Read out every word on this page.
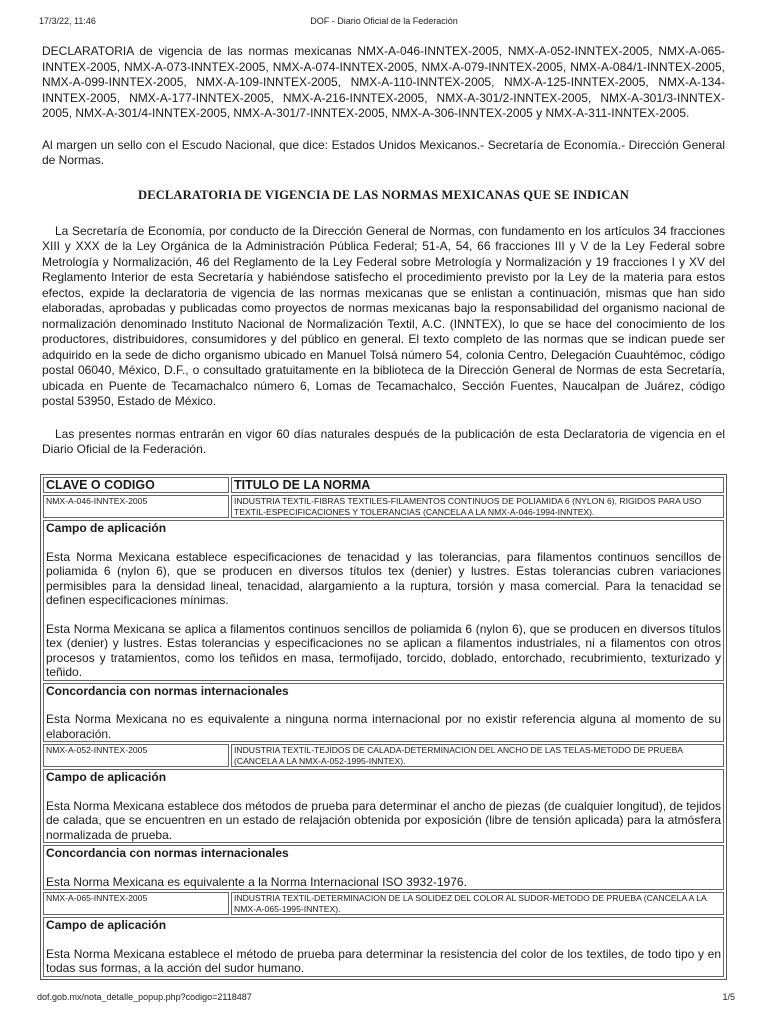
17/3/22, 11:46	DOF - Diario Oficial de la Federación

DECLARATORIA de vigencia de las normas mexicanas NMX-A-046-INNTEX-2005, NMX-A-052-INNTEX-2005, NMX-A-065-INNTEX-2005, NMX-A-073-INNTEX-2005, NMX-A-074-INNTEX-2005, NMX-A-079-INNTEX-2005, NMX-A-084/1-INNTEX-2005, NMX-A-099-INNTEX-2005, NMX-A-109-INNTEX-2005, NMX-A-110-INNTEX-2005, NMX-A-125-INNTEX-2005, NMX-A-134-INNTEX-2005, NMX-A-177-INNTEX-2005, NMX-A-216-INNTEX-2005, NMX-A-301/2-INNTEX-2005, NMX-A-301/3-INNTEX-2005, NMX-A-301/4-INNTEX-2005, NMX-A-301/7-INNTEX-2005, NMX-A-306-INNTEX-2005 y NMX-A-311-INNTEX-2005.

Al margen un sello con el Escudo Nacional, que dice: Estados Unidos Mexicanos.- Secretaría de Economía.- Dirección General de Normas.

DECLARATORIA DE VIGENCIA DE LAS NORMAS MEXICANAS QUE SE INDICAN

La Secretaría de Economía, por conducto de la Dirección General de Normas, con fundamento en los artículos 34 fracciones XIII y XXX de la Ley Orgánica de la Administración Pública Federal; 51-A, 54, 66 fracciones III y V de la Ley Federal sobre Metrología y Normalización, 46 del Reglamento de la Ley Federal sobre Metrología y Normalización y 19 fracciones I y XV del Reglamento Interior de esta Secretaría y habiéndose satisfecho el procedimiento previsto por la Ley de la materia para estos efectos, expide la declaratoria de vigencia de las normas mexicanas que se enlistan a continuación, mismas que han sido elaboradas, aprobadas y publicadas como proyectos de normas mexicanas bajo la responsabilidad del organismo nacional de normalización denominado Instituto Nacional de Normalización Textil, A.C. (INNTEX), lo que se hace del conocimiento de los productores, distribuidores, consumidores y del público en general. El texto completo de las normas que se indican puede ser adquirido en la sede de dicho organismo ubicado en Manuel Tolsá número 54, colonia Centro, Delegación Cuauhtémoc, código postal 06040, México, D.F., o consultado gratuitamente en la biblioteca de la Dirección General de Normas de esta Secretaría, ubicada en Puente de Tecamachalco número 6, Lomas de Tecamachalco, Sección Fuentes, Naucalpan de Juárez, código postal 53950, Estado de México.

Las presentes normas entrarán en vigor 60 días naturales después de la publicación de esta Declaratoria de vigencia en el Diario Oficial de la Federación.

CLAVE O CODIGO	TITULO DE LA NORMA
NMX-A-046-INNTEX-2005	INDUSTRIA TEXTIL-FIBRAS TEXTILES-FILAMENTOS CONTINUOS DE POLIAMIDA 6 (NYLON 6), RIGIDOS PARA USO TEXTIL-ESPECIFICACIONES Y TOLERANCIAS (CANCELA A LA NMX-A-046-1994-INNTEX).

Campo de aplicación

Esta Norma Mexicana establece especificaciones de tenacidad y las tolerancias, para filamentos continuos sencillos de poliamida 6 (nylon 6), que se producen en diversos títulos tex (denier) y lustres. Estas tolerancias cubren variaciones permisibles para la densidad lineal, tenacidad, alargamiento a la ruptura, torsión y masa comercial. Para la tenacidad se definen especificaciones mínimas.

Esta Norma Mexicana se aplica a filamentos continuos sencillos de poliamida 6 (nylon 6), que se producen en diversos títulos tex (denier) y lustres. Estas tolerancias y especificaciones no se aplican a filamentos industriales, ni a filamentos con otros procesos y tratamientos, como los teñidos en masa, termofijado, torcido, doblado, entorchado, recubrimiento, texturizado y teñido.	

Concordancia con normas internacionales

Esta Norma Mexicana no es equivalente a ninguna norma internacional por no existir referencia alguna al momento de su elaboración.	

NMX-A-052-INNTEX-2005	INDUSTRIA TEXTIL-TEJIDOS DE CALADA-DETERMINACION DEL ANCHO DE LAS TELAS-METODO DE PRUEBA (CANCELA A LA NMX-A-052-1995-INNTEX).

Campo de aplicación

Esta Norma Mexicana establece dos métodos de prueba para determinar el ancho de piezas (de cualquier longitud), de tejidos de calada, que se encuentren en un estado de relajación obtenida por exposición (libre de tensión aplicada) para la atmósfera normalizada de prueba.	

Concordancia con normas internacionales

Esta Norma Mexicana es equivalente a la Norma Internacional ISO 3932-1976.	

NMX-A-065-INNTEX-2005	INDUSTRIA TEXTIL-DETERMINACION DE LA SOLIDEZ DEL COLOR AL SUDOR-METODO DE PRUEBA (CANCELA A LA NMX-A-065-1995-INNTEX).

Campo de aplicación

Esta Norma Mexicana establece el método de prueba para determinar la resistencia del color de los textiles, de todo tipo y en todas sus formas, a la acción del sudor humano.	

dof.gob.mx/nota_detalle_popup.php?codigo=2118487	1/5
